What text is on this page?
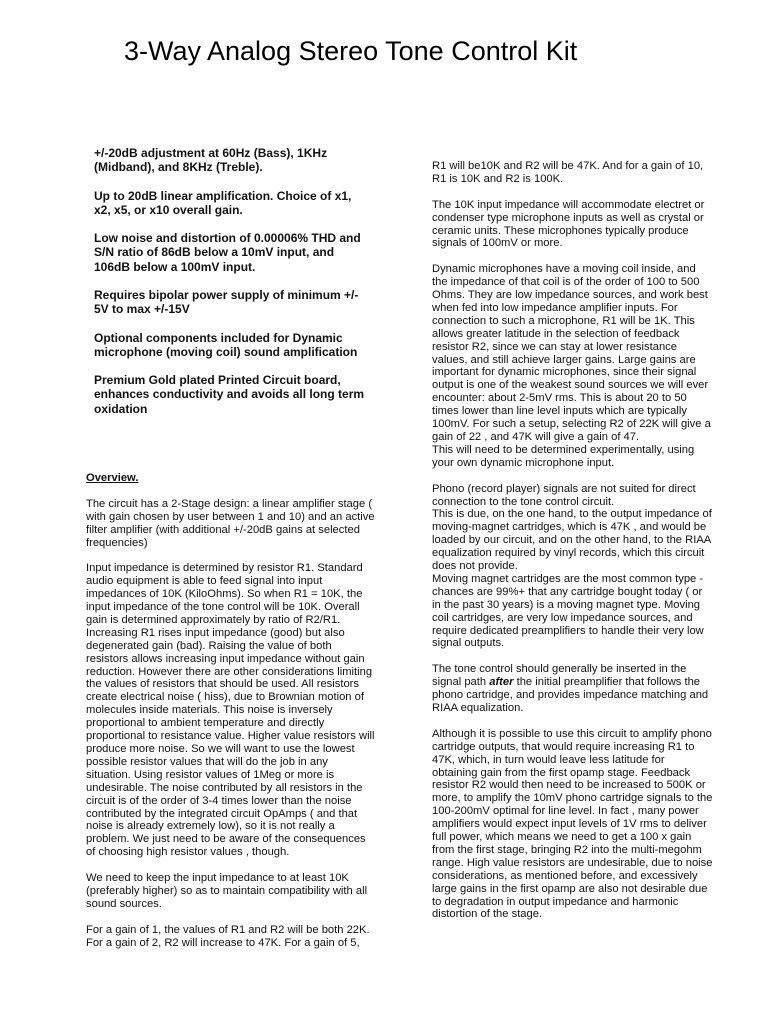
3-Way Analog Stereo Tone Control Kit

+/-20dB adjustment at 60Hz (Bass), 1KHz
(Midband), and 8KHz (Treble).

Up to 20dB linear amplification. Choice of x1,
x2, x5, or x10 overall gain.

Low noise and distortion of 0.00006% THD and
S/N ratio of 86dB below a 10mV input, and
106dB below a 100mV input.

Requires bipolar power supply of minimum +/-
5V to max +/-15V

Optional components included for Dynamic
microphone (moving coil) sound amplification

Premium Gold plated Printed Circuit board,
enhances conductivity and avoids all long term
oxidation

Overview.

The circuit has a 2-Stage design: a linear amplifier stage (
with gain chosen by user between 1 and 10) and an active
filter amplifier (with additional +/-20dB gains at selected
frequencies)

Input impedance is determined by resistor R1. Standard
audio equipment is able to feed signal into input
impedances of 10K (KiloOhms). So when R1 = 10K, the
input impedance of the tone control will be 10K. Overall
gain is determined approximately by ratio of R2/R1.
Increasing R1 rises input impedance (good) but also
degenerated gain (bad). Raising the value of both
resistors allows increasing input impedance without gain
reduction. However there are other considerations limiting
the values of resistors that should be used. All resistors
create electrical noise ( hiss), due to Brownian motion of
molecules inside materials. This noise is inversely
proportional to ambient temperature and directly
proportional to resistance value. Higher value resistors will
produce more noise. So we will want to use the lowest
possible resistor values that will do the job in any
situation. Using resistor values of 1Meg or more is
undesirable. The noise contributed by all resistors in the
circuit is of the order of 3-4 times lower than the noise
contributed by the integrated circuit OpAmps ( and that
noise is already extremely low), so it is not really a
problem. We just need to be aware of the consequences
of choosing high resistor values , though.

We need to keep the input impedance to at least 10K
(preferably higher) so as to maintain compatibility with all
sound sources.

For a gain of 1, the values of R1 and R2 will be both 22K.
For a gain of 2, R2 will increase to 47K. For a gain of 5,

R1 will be10K and R2 will be 47K. And for a gain of 10,
R1 is 10K and R2 is 100K.

The 10K input impedance will accommodate electret or
condenser type microphone inputs as well as crystal or
ceramic units. These microphones typically produce
signals of 100mV or more.

Dynamic microphones have a moving coil inside, and
the impedance of that coil is of the order of 100 to 500
Ohms. They are low impedance sources, and work best
when fed into low impedance amplifier inputs. For
connection to such a microphone, R1 will be 1K. This
allows greater latitude in the selection of feedback
resistor R2, since we can stay at lower resistance
values, and still achieve larger gains. Large gains are
important for dynamic microphones, since their signal
output is one of the weakest sound sources we will ever
encounter: about 2-5mV rms. This is about 20 to 50
times lower than line level inputs which are typically
100mV. For such a setup, selecting R2 of 22K will give a
gain of 22 , and 47K will give a gain of 47.
This will need to be determined experimentally, using
your own dynamic microphone input.

Phono (record player) signals are not suited for direct
connection to the tone control circuit.
This is due, on the one hand, to the output impedance of
moving-magnet cartridges, which is 47K , and would be
loaded by our circuit, and on the other hand, to the RIAA
equalization required by vinyl records, which this circuit
does not provide.
Moving magnet cartridges are the most common type -
chances are 99%+ that any cartridge bought today ( or
in the past 30 years) is a moving magnet type. Moving
coil cartridges, are very low impedance sources, and
require dedicated preamplifiers to handle their very low
signal outputs.

The tone control should generally be inserted in the
signal path after the initial preamplifier that follows the
phono cartridge, and provides impedance matching and
RIAA equalization.

Although it is possible to use this circuit to amplify phono
cartridge outputs, that would require increasing R1 to
47K, which, in turn would leave less latitude for
obtaining gain from the first opamp stage. Feedback
resistor R2 would then need to be increased to 500K or
more, to amplify the 10mV phono cartridge signals to the
100-200mV optimal for line level. In fact , many power
amplifiers would expect input levels of 1V rms to deliver
full power, which means we need to get a 100 x gain
from the first stage, bringing R2 into the multi-megohm
range. High value resistors are undesirable, due to noise
considerations, as mentioned before, and excessively
large gains in the first opamp are also not desirable due
to degradation in output impedance and harmonic
distortion of the stage.
